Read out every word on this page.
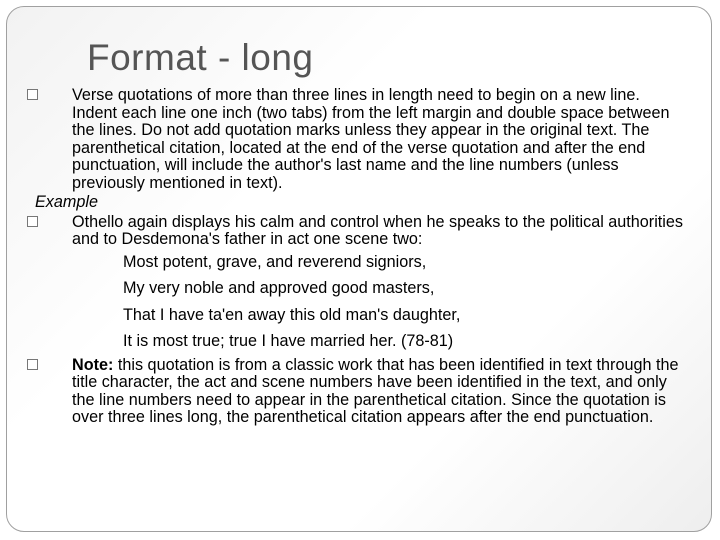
Format - long
Verse quotations of more than three lines in length need to begin on a new line. Indent each line one inch (two tabs) from the left margin and double space between the lines. Do not add quotation marks unless they appear in the original text. The parenthetical citation, located at the end of the verse quotation and after the end punctuation, will include the author's last name and the line numbers (unless previously mentioned in text).
Example
Othello again displays his calm and control when he speaks to the political authorities and to Desdemona's father in act one scene two:
Most potent, grave, and reverend signiors,
My very noble and approved good masters,
That I have ta'en away this old man's daughter,
It is most true; true I have married her. (78-81)
Note: this quotation is from a classic work that has been identified in text through the title character, the act and scene numbers have been identified in the text, and only the line numbers need to appear in the parenthetical citation. Since the quotation is over three lines long, the parenthetical citation appears after the end punctuation.
